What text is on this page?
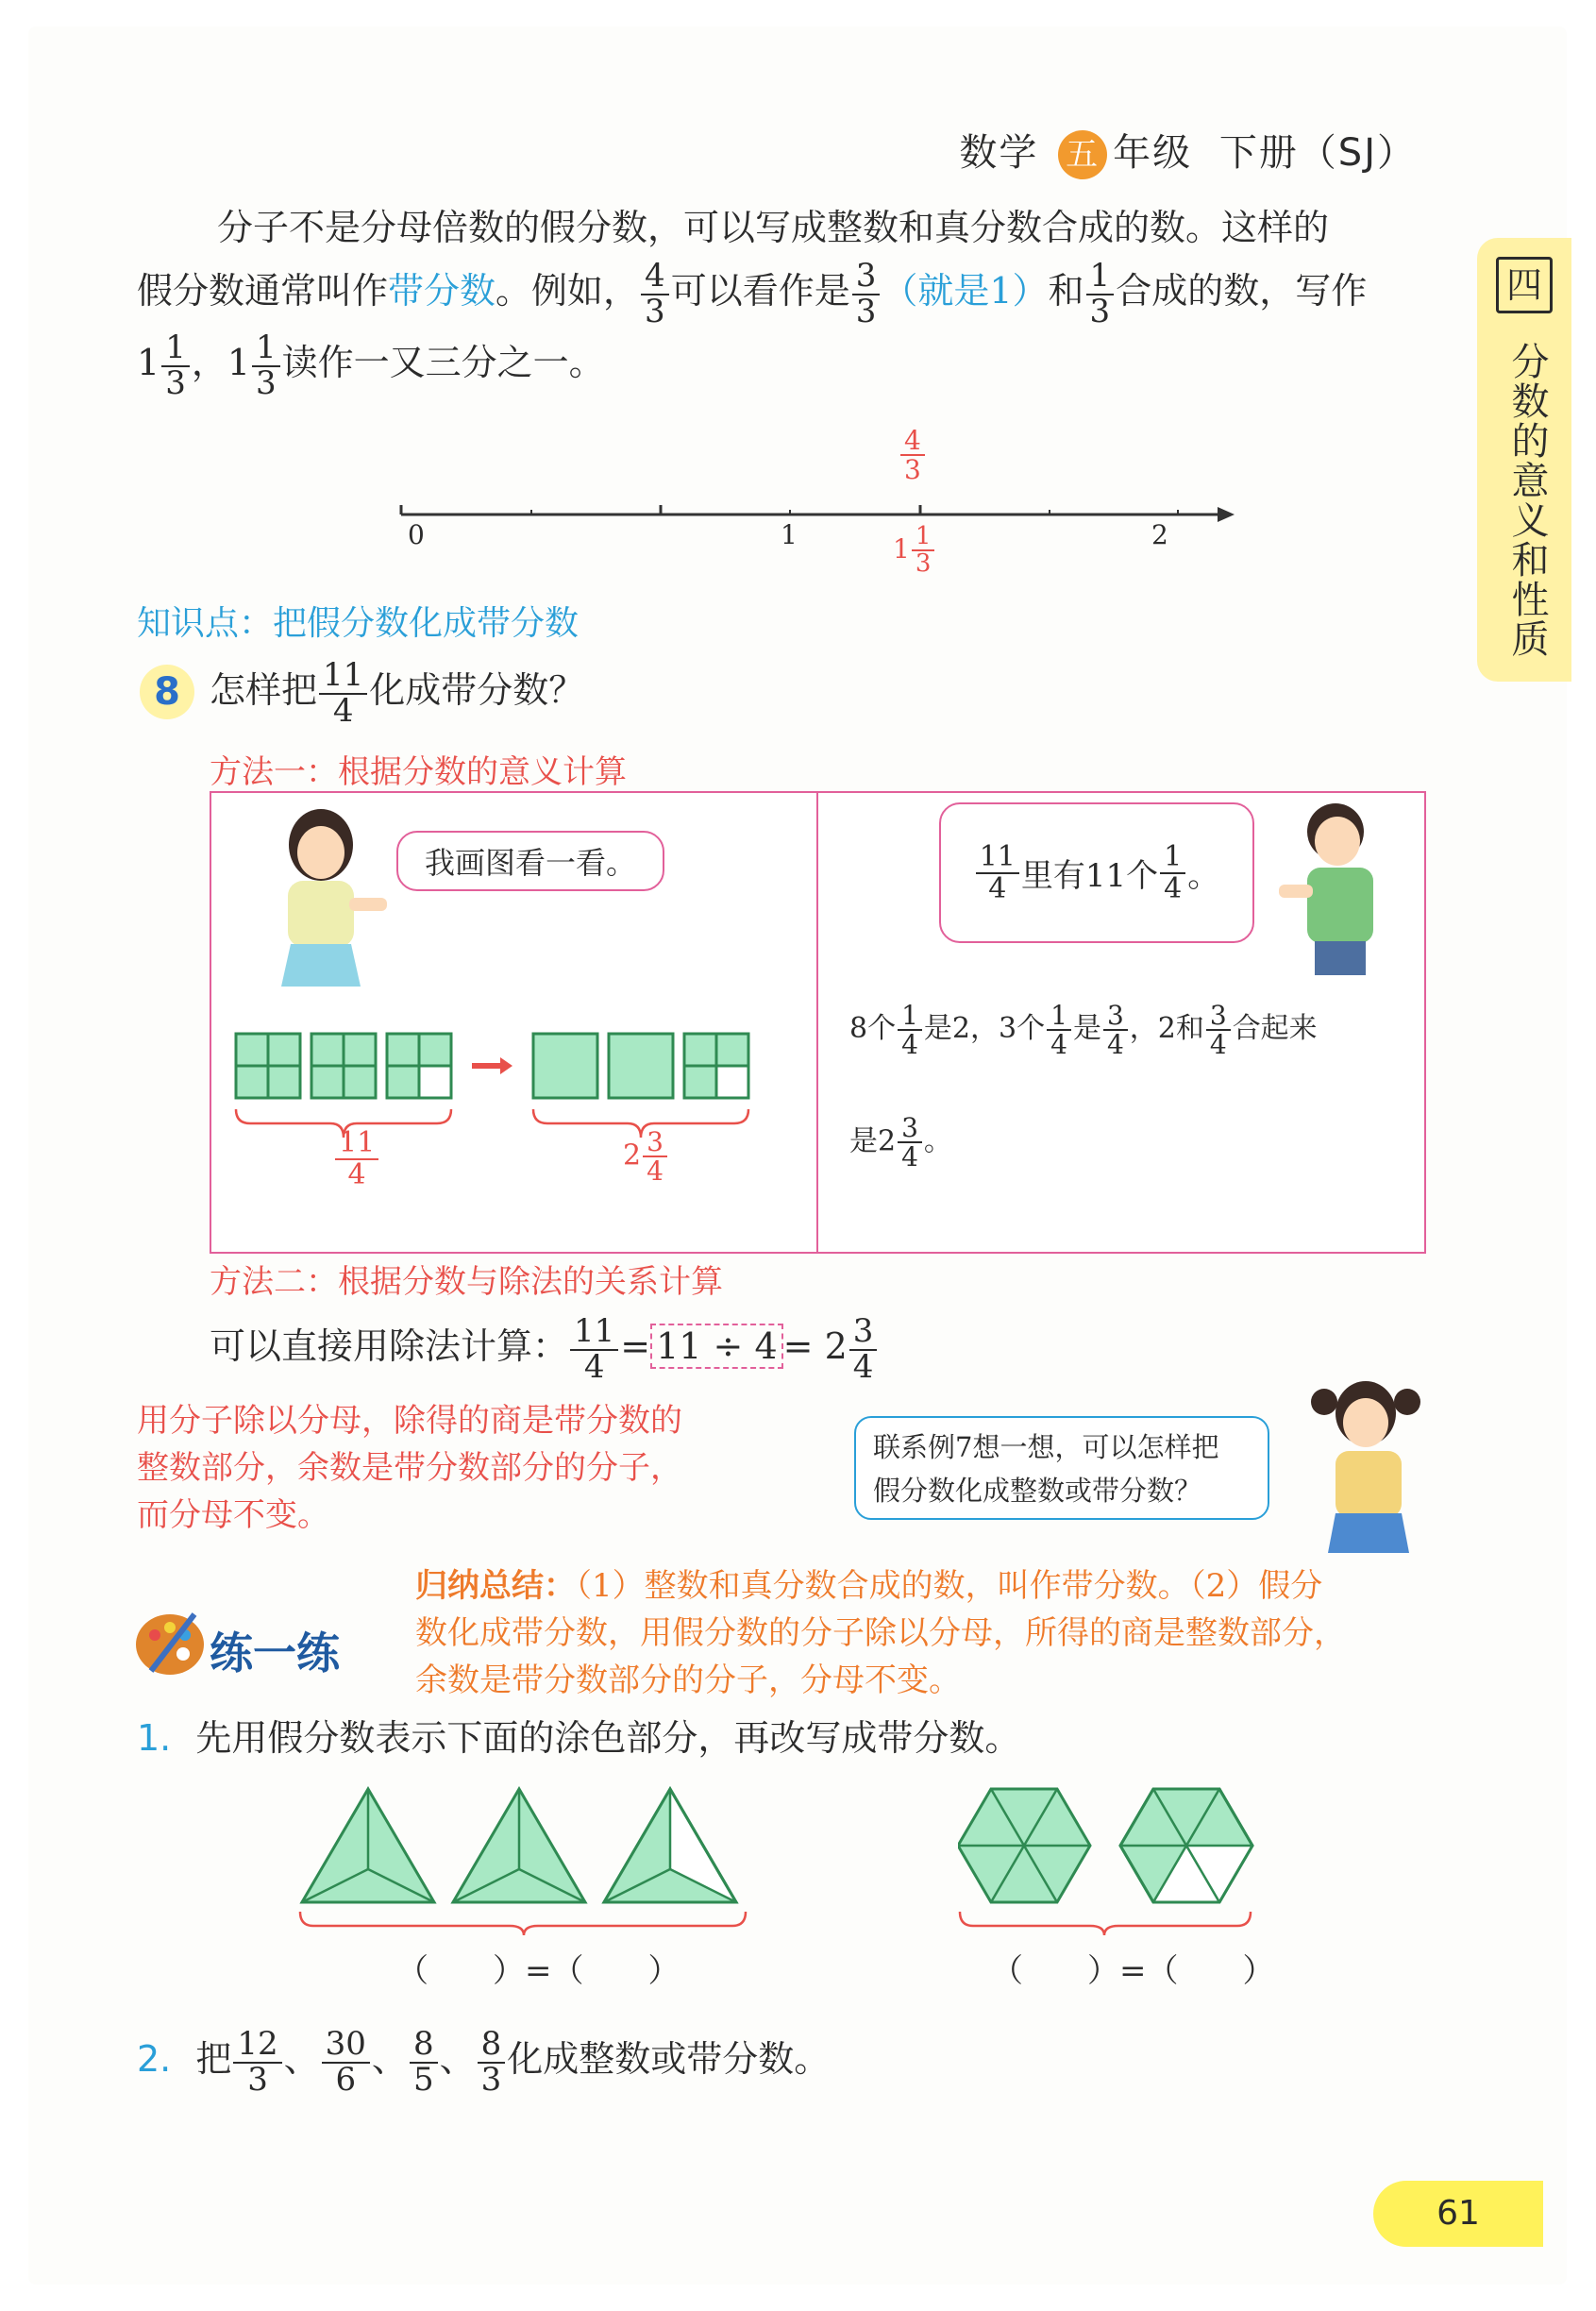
数学 五 年级 下册（SJ）
四
分数的意义和性质
分子不是分母倍数的假分数，可以写成整数和真分数合成的数。这样的
假分数通常叫作带分数。例如， $\frac{4}{3}$ 可以看作是 $\frac{3}{3}$ （就是1）和 $\frac{1}{3}$ 合成的数，写作
$1 \frac{1}{3}$ ，$1 \frac{1}{3}$ 读作一又三分之一。
0	1	2
$\frac{4}{3}$
$1 \frac{1}{3}$
知识点：把假分数化成带分数
8 怎样把 $\frac{11}{4}$ 化成带分数？
方法一：根据分数的意义计算
我画图看一看。
$\frac{11}{4}$	$2 \frac{3}{4}$
$\frac{11}{4}$ 里有11个 $\frac{1}{4}$ 。
8个 $\frac{1}{4}$ 是2，3个 $\frac{1}{4}$ 是 $\frac{3}{4}$ ，2和 $\frac{3}{4}$ 合起来
是$2 \frac{3}{4}$ 。
方法二：根据分数与除法的关系计算
可以直接用除法计算： $\frac{11}{4} = 11 \div 4 = 2 \frac{3}{4}$
用分子除以分母，除得的商是带分数的
整数部分，余数是带分数部分的分子，
而分母不变。
联系例7想一想，可以怎样把
假分数化成整数或带分数？
归纳总结：（1）整数和真分数合成的数，叫作带分数。（2）假分
数化成带分数，用假分数的分子除以分母，所得的商是整数部分，
余数是带分数部分的分子，分母不变。
练一练
1. 先用假分数表示下面的涂色部分，再改写成带分数。
（　　）=（　　）	（　　）=（　　）
2. 把 $\frac{12}{3}$ 、 $\frac{30}{6}$ 、 $\frac{8}{5}$ 、 $\frac{8}{3}$ 化成整数或带分数。
61
